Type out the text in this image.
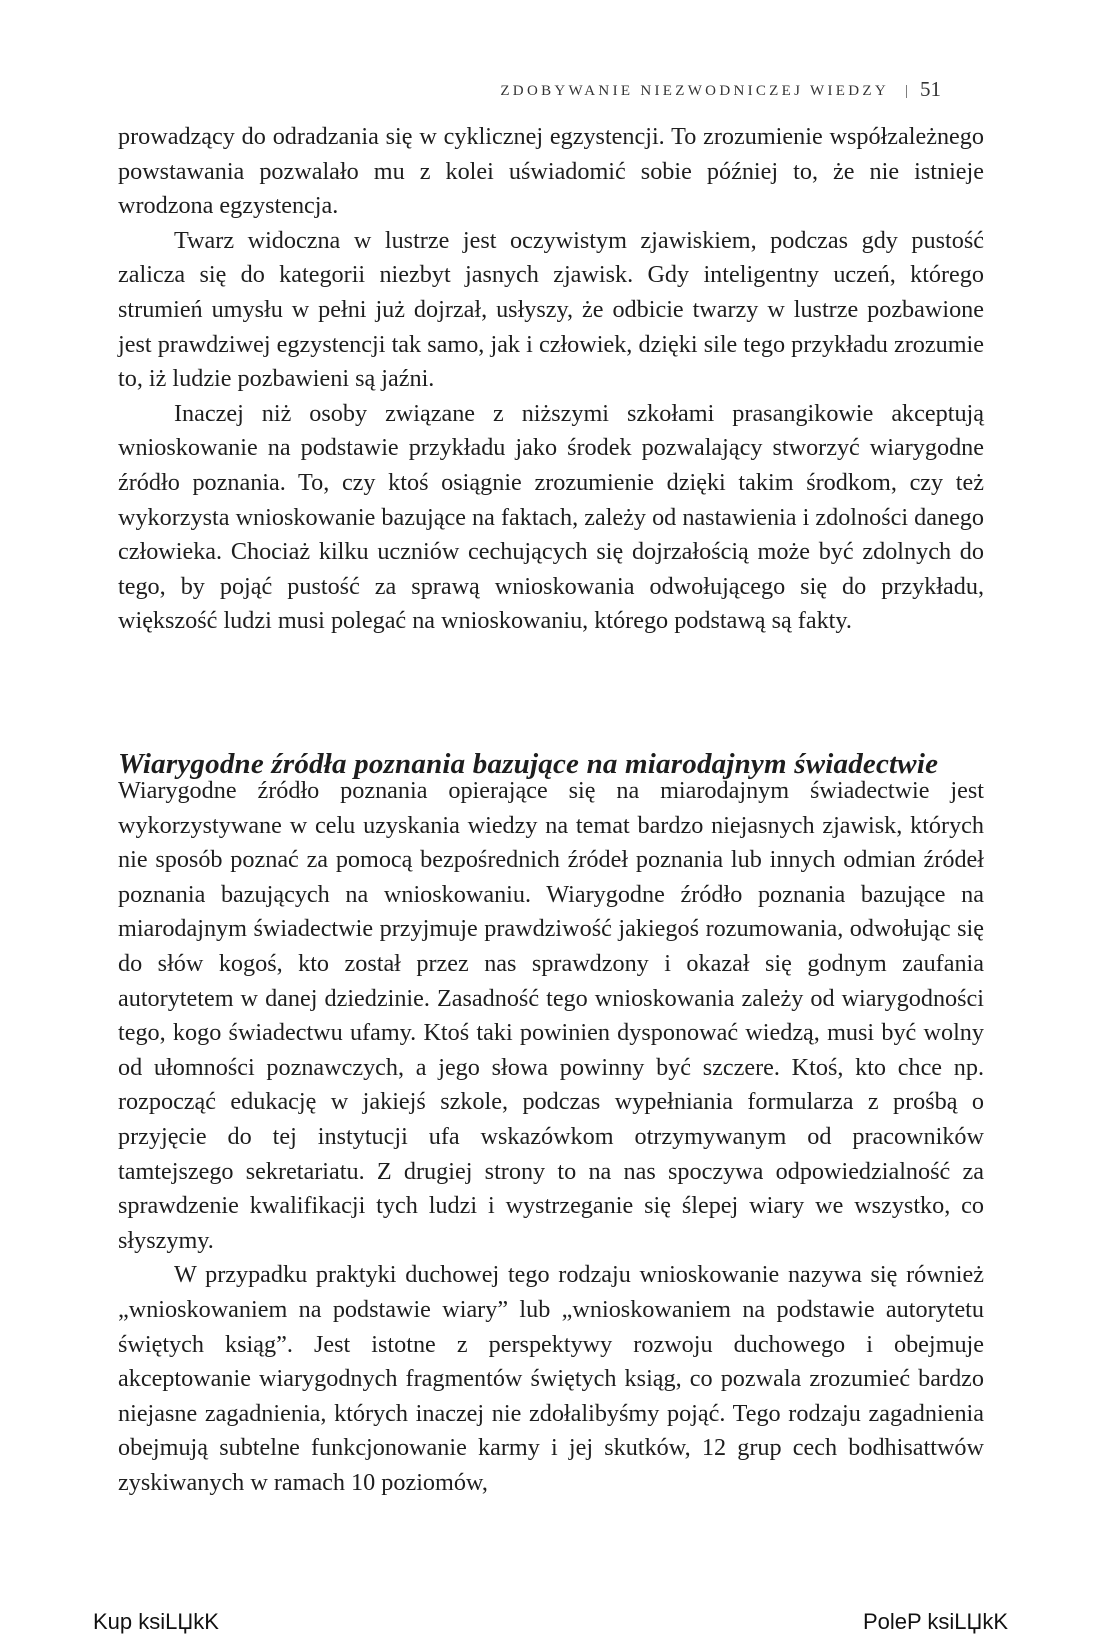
ZDOBYWANIE NIEZWODNICZEJ WIEDZY | 51

prowadzący do odradzania się w cyklicznej egzystencji. To zrozumienie współzależnego powstawania pozwalało mu z kolei uświadomić sobie później to, że nie istnieje wrodzona egzystencja.

Twarz widoczna w lustrze jest oczywistym zjawiskiem, podczas gdy pustość zalicza się do kategorii niezbyt jasnych zjawisk. Gdy inteligentny uczeń, którego strumień umysłu w pełni już dojrzał, usłyszy, że odbicie twarzy w lustrze pozbawione jest prawdziwej egzystencji tak samo, jak i człowiek, dzięki sile tego przykładu zrozumie to, iż ludzie pozbawieni są jaźni.

Inaczej niż osoby związane z niższymi szkołami prasangikowie akceptują wnioskowanie na podstawie przykładu jako środek pozwalający stworzyć wiarygodne źródło poznania. To, czy ktoś osiągnie zrozumienie dzięki takim środkom, czy też wykorzysta wnioskowanie bazujące na faktach, zależy od nastawienia i zdolności danego człowieka. Chociaż kilku uczniów cechujących się dojrzałością może być zdolnych do tego, by pojąć pustość za sprawą wnioskowania odwołującego się do przykładu, większość ludzi musi polegać na wnioskowaniu, którego podstawą są fakty.

Wiarygodne źródła poznania bazujące na miarodajnym świadectwie

Wiarygodne źródło poznania opierające się na miarodajnym świadectwie jest wykorzystywane w celu uzyskania wiedzy na temat bardzo niejasnych zjawisk, których nie sposób poznać za pomocą bezpośrednich źródeł poznania lub innych odmian źródeł poznania bazujących na wnioskowaniu. Wiarygodne źródło poznania bazujące na miarodajnym świadectwie przyjmuje prawdziwość jakiegoś rozumowania, odwołując się do słów kogoś, kto został przez nas sprawdzony i okazał się godnym zaufania autorytetem w danej dziedzinie. Zasadność tego wnioskowania zależy od wiarygodności tego, kogo świadectwu ufamy. Ktoś taki powinien dysponować wiedzą, musi być wolny od ułomności poznawczych, a jego słowa powinny być szczere. Ktoś, kto chce np. rozpocząć edukację w jakiejś szkole, podczas wypełniania formularza z prośbą o przyjęcie do tej instytucji ufa wskazówkom otrzymywanym od pracowników tamtejszego sekretariatu. Z drugiej strony to na nas spoczywa odpowiedzialność za sprawdzenie kwalifikacji tych ludzi i wystrzeganie się ślepej wiary we wszystko, co słyszymy.

W przypadku praktyki duchowej tego rodzaju wnioskowanie nazywa się również „wnioskowaniem na podstawie wiary” lub „wnioskowaniem na podstawie autorytetu świętych ksiąg”. Jest istotne z perspektywy rozwoju duchowego i obejmuje akceptowanie wiarygodnych fragmentów świętych ksiąg, co pozwala zrozumieć bardzo niejasne zagadnienia, których inaczej nie zdołalibyśmy pojąć. Tego rodzaju zagadnienia obejmują subtelne funkcjonowanie karmy i jej skutków, 12 grup cech bodhisattwów zyskiwanych w ramach 10 poziomów,

Kup ksiLЏkK	PoleP ksiLЏkK
